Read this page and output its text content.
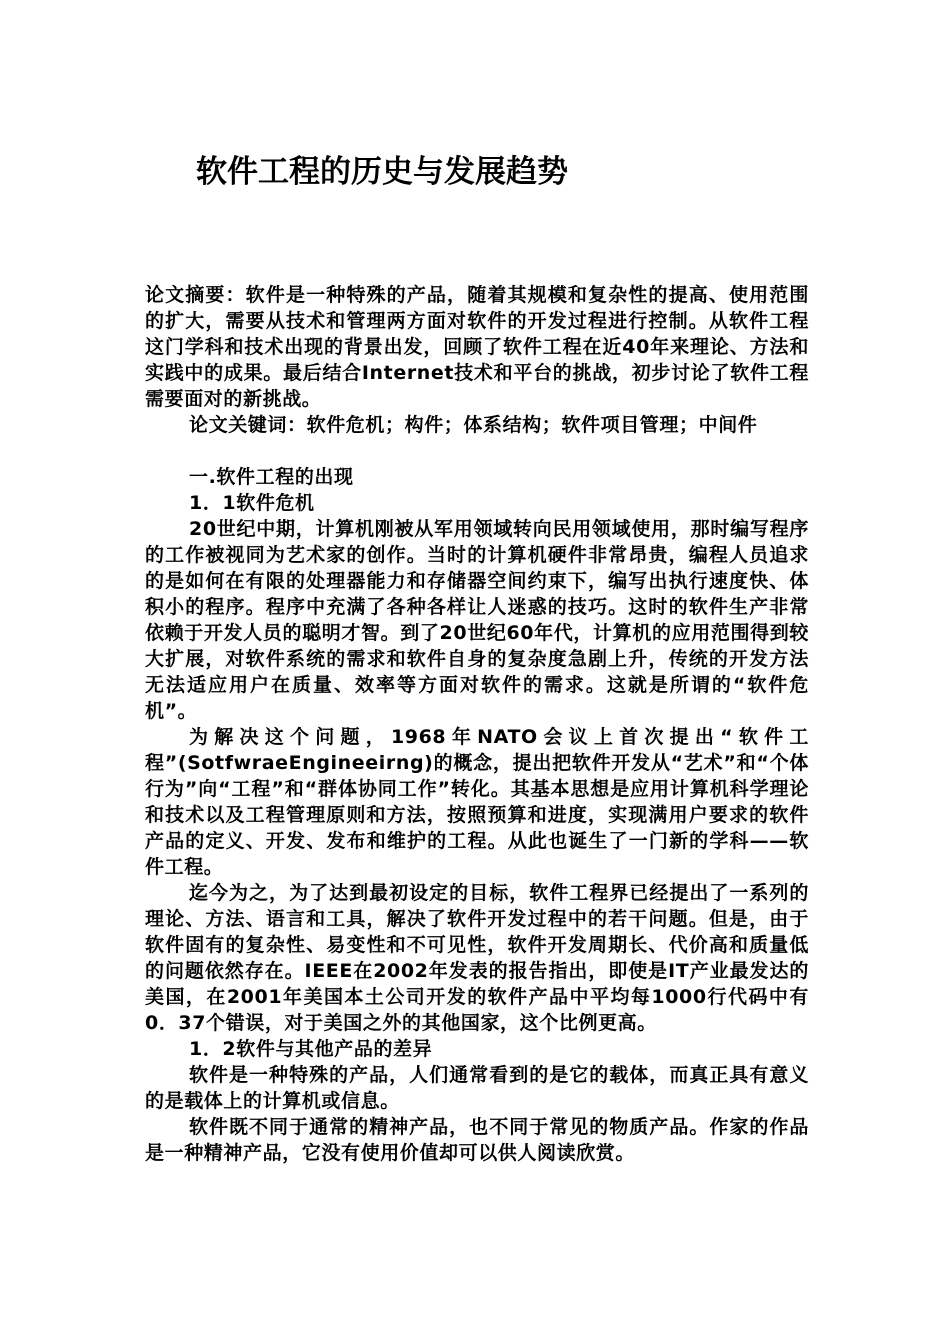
软件工程的历史与发展趋势

论文摘要：软件是一种特殊的产品，随着其规模和复杂性的提高、使用范围的扩大，需要从技术和管理两方面对软件的开发过程进行控制。从软件工程这门学科和技术出现的背景出发，回顾了软件工程在近40年来理论、方法和实践中的成果。最后结合Internet技术和平台的挑战，初步讨论了软件工程需要面对的新挑战。

论文关键词：软件危机；构件；体系结构；软件项目管理；中间件

一.软件工程的出现

1．1软件危机

20世纪中期，计算机刚被从军用领域转向民用领域使用，那时编写程序的工作被视同为艺术家的创作。当时的计算机硬件非常昂贵，编程人员追求的是如何在有限的处理器能力和存储器空间约束下，编写出执行速度快、体积小的程序。程序中充满了各种各样让人迷惑的技巧。这时的软件生产非常依赖于开发人员的聪明才智。到了20世纪60年代，计算机的应用范围得到较大扩展，对软件系统的需求和软件自身的复杂度急剧上升，传统的开发方法无法适应用户在质量、效率等方面对软件的需求。这就是所谓的“软件危机”。

为解决这个问题，1968年NATO会议上首次提出“软件工程”(SotfwraeEngineeirng)的概念，提出把软件开发从“艺术”和“个体行为”向“工程”和“群体协同工作”转化。其基本思想是应用计算机科学理论和技术以及工程管理原则和方法，按照预算和进度，实现满用户要求的软件产品的定义、开发、发布和维护的工程。从此也诞生了一门新的学科——软件工程。

迄今为之，为了达到最初设定的目标，软件工程界已经提出了一系列的理论、方法、语言和工具，解决了软件开发过程中的若干问题。但是，由于软件固有的复杂性、易变性和不可见性，软件开发周期长、代价高和质量低的问题依然存在。IEEE在2002年发表的报告指出，即使是IT产业最发达的美国，在2001年美国本土公司开发的软件产品中平均每1000行代码中有0．37个错误，对于美国之外的其他国家，这个比例更高。

1．2软件与其他产品的差异

软件是一种特殊的产品，人们通常看到的是它的载体，而真正具有意义的是载体上的计算机或信息。

软件既不同于通常的精神产品，也不同于常见的物质产品。作家的作品是一种精神产品，它没有使用价值却可以供人阅读欣赏。
